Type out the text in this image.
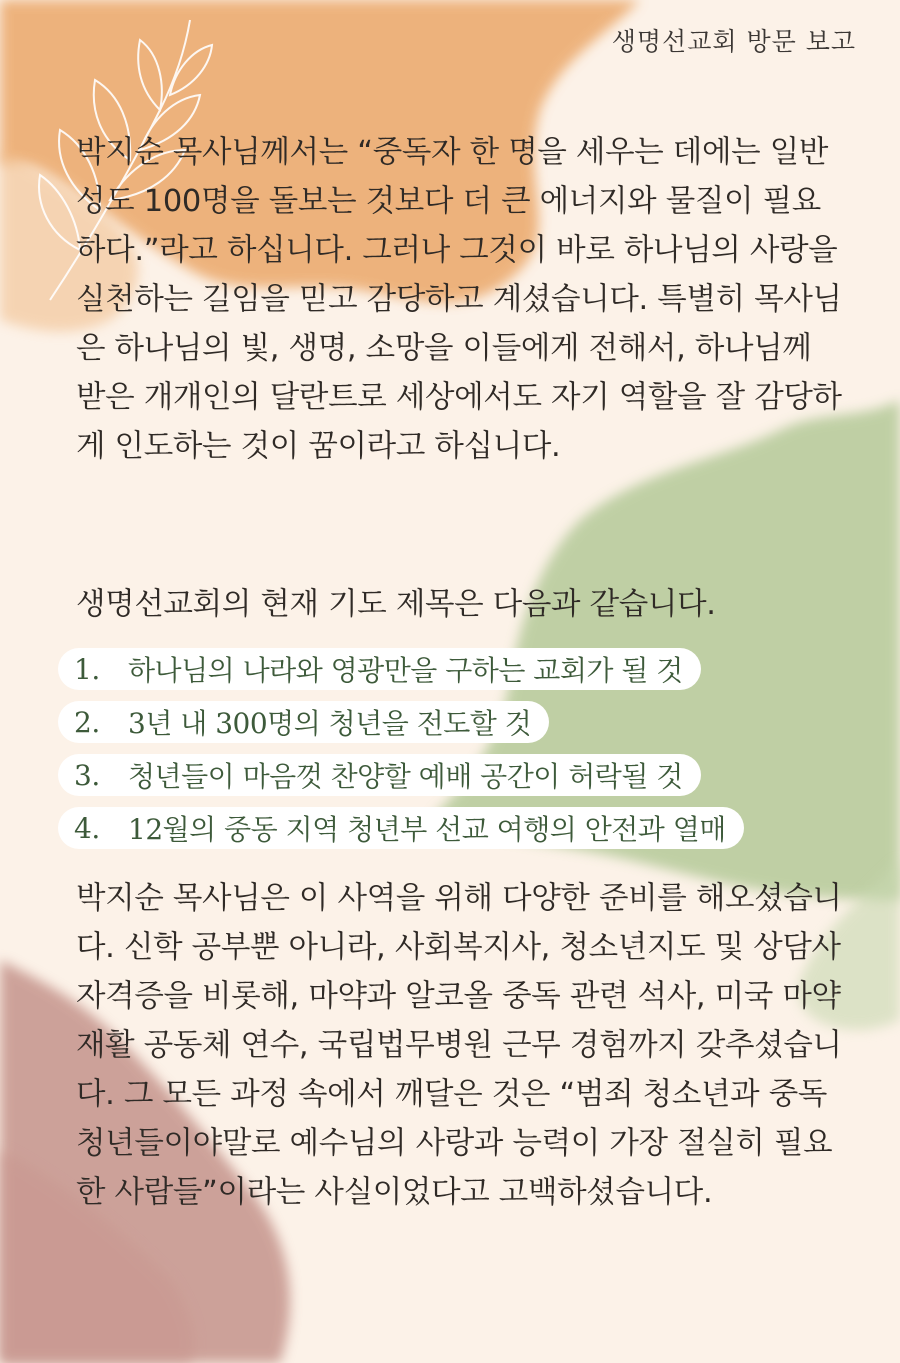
생명선교회 방문 보고

박지순 목사님께서는 “중독자 한 명을 세우는 데에는 일반 성도 100명을 돌보는 것보다 더 큰 에너지와 물질이 필요하다.”라고 하십니다. 그러나 그것이 바로 하나님의 사랑을 실천하는 길임을 믿고 감당하고 계셨습니다. 특별히 목사님은 하나님의 빛, 생명, 소망을 이들에게 전해서, 하나님께 받은 개개인의 달란트로 세상에서도 자기 역할을 잘 감당하게 인도하는 것이 꿈이라고 하십니다.

생명선교회의 현재 기도 제목은 다음과 같습니다.

1.	하나님의 나라와 영광만을 구하는 교회가 될 것
2.	3년 내 300명의 청년을 전도할 것
3.	청년들이 마음껏 찬양할 예배 공간이 허락될 것
4.	12월의 중동 지역 청년부 선교 여행의 안전과 열매

박지순 목사님은 이 사역을 위해 다양한 준비를 해오셨습니다. 신학 공부뿐 아니라, 사회복지사, 청소년지도 및 상담사 자격증을 비롯해, 마약과 알코올 중독 관련 석사, 미국 마약 재활 공동체 연수, 국립법무병원 근무 경험까지 갖추셨습니다. 그 모든 과정 속에서 깨달은 것은 “범죄 청소년과 중독 청년들이야말로 예수님의 사랑과 능력이 가장 절실히 필요한 사람들”이라는 사실이었다고 고백하셨습니다.
